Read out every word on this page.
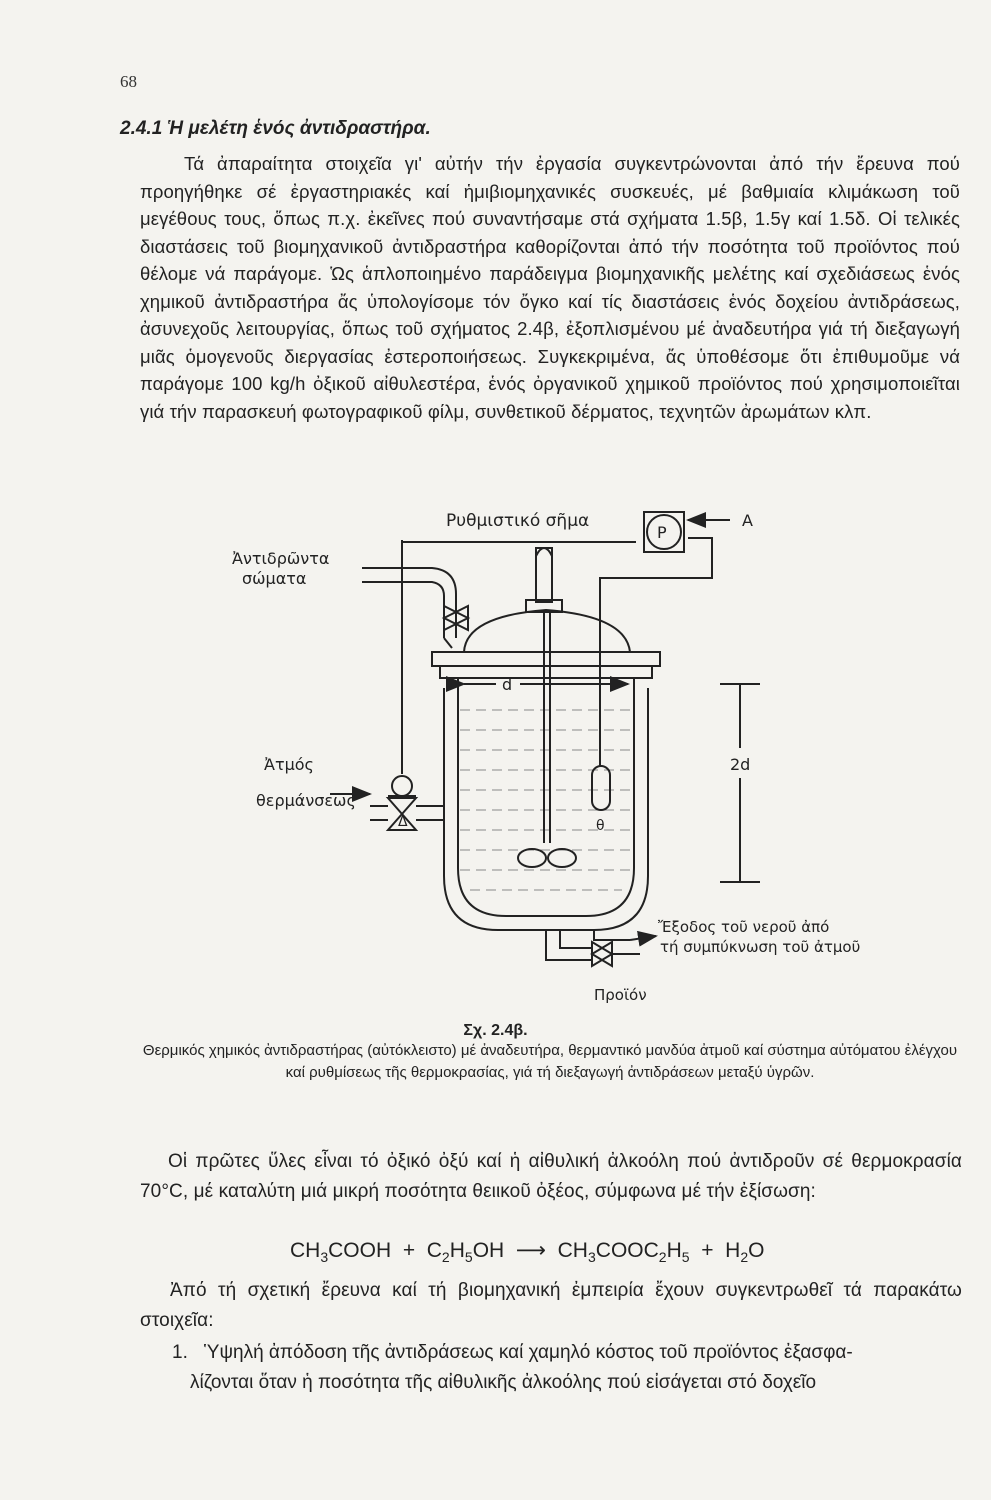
68
2.4.1 Ἡ μελέτη ἑνός ἀντιδραστήρα.
Τά ἀπαραίτητα στοιχεῖα γι' αὐτήν τήν ἐργασία συγκεντρώνονται ἀπό τήν ἔρευνα πού προηγήθηκε σέ ἐργαστηριακές καί ἡμιβιομηχανικές συσκευές, μέ βαθμιαία κλιμάκωση τοῦ μεγέθους τους, ὅπως π.χ. ἐκεῖνες πού συναντήσαμε στά σχήματα 1.5β, 1.5γ καί 1.5δ. Οἱ τελικές διαστάσεις τοῦ βιομηχανικοῦ ἀντιδραστήρα καθορίζονται ἀπό τήν ποσότητα τοῦ προϊόντος πού θέλομε νά παράγομε. Ὡς ἁπλοποιημένο παράδειγμα βιομηχανικῆς μελέτης καί σχεδιάσεως ἑνός χημικοῦ ἀντιδραστήρα ἄς ὑπολογίσομε τόν ὄγκο καί τίς διαστάσεις ἑνός δοχείου ἀντιδράσεως, ἀσυνεχοῦς λειτουργίας, ὅπως τοῦ σχήματος 2.4β, ἐξοπλισμένου μέ ἀναδευτήρα γιά τή διεξαγωγή μιᾶς ὁμογενοῦς διεργασίας ἐστεροποιήσεως. Συγκεκριμένα, ἄς ὑποθέσομε ὅτι ἐπιθυμοῦμε νά παράγομε 100 kg/h ὀξικοῦ αἰθυλεστέρα, ἑνός ὀργανικοῦ χημικοῦ προϊόντος πού χρησιμοποιεῖται γιά τήν παρασκευή φωτογραφικοῦ φίλμ, συνθετικοῦ δέρματος, τεχνητῶν ἀρωμάτων κλπ.
Ρυθμιστικό σῆμα
Ἀντιδρῶντα
σώματα
P
A
d
2d
Ἀτμός
θερμάνσεως
Δ	θ
Ἔξοδος τοῦ νεροῦ ἀπό
τή συμπύκνωση τοῦ ἀτμοῦ
Προϊόν
Σχ. 2.4β.
Θερμικός χημικός ἀντιδραστήρας (αὐτόκλειστο) μέ ἀναδευτήρα, θερμαντικό μανδύα ἀτμοῦ καί σύστημα αὐτόματου ἐλέγχου καί ρυθμίσεως τῆς θερμοκρασίας, γιά τή διεξαγωγή ἀντιδράσεων μεταξύ ὑγρῶν.
Οἱ πρῶτες ὕλες εἶναι τό ὀξικό ὀξύ καί ἡ αἰθυλική ἀλκοόλη πού ἀντιδροῦν σέ θερμοκρασία 70°C, μέ καταλύτη μιά μικρή ποσότητα θειικοῦ ὀξέος, σύμφωνα μέ τήν ἐξίσωση:
$CH_3COOH + C_2H_5OH$ ⟶ $CH_3COOC_2H_5 + H_2O$
Ἀπό τή σχετική ἔρευνα καί τή βιομηχανική ἐμπειρία ἔχουν συγκεντρωθεῖ τά παρακάτω στοιχεῖα:
1. Ὑψηλή ἀπόδοση τῆς ἀντιδράσεως καί χαμηλό κόστος τοῦ προϊόντος ἐξασφα-
λίζονται ὅταν ἡ ποσότητα τῆς αἰθυλικῆς ἀλκοόλης πού εἰσάγεται στό δοχεῖο
